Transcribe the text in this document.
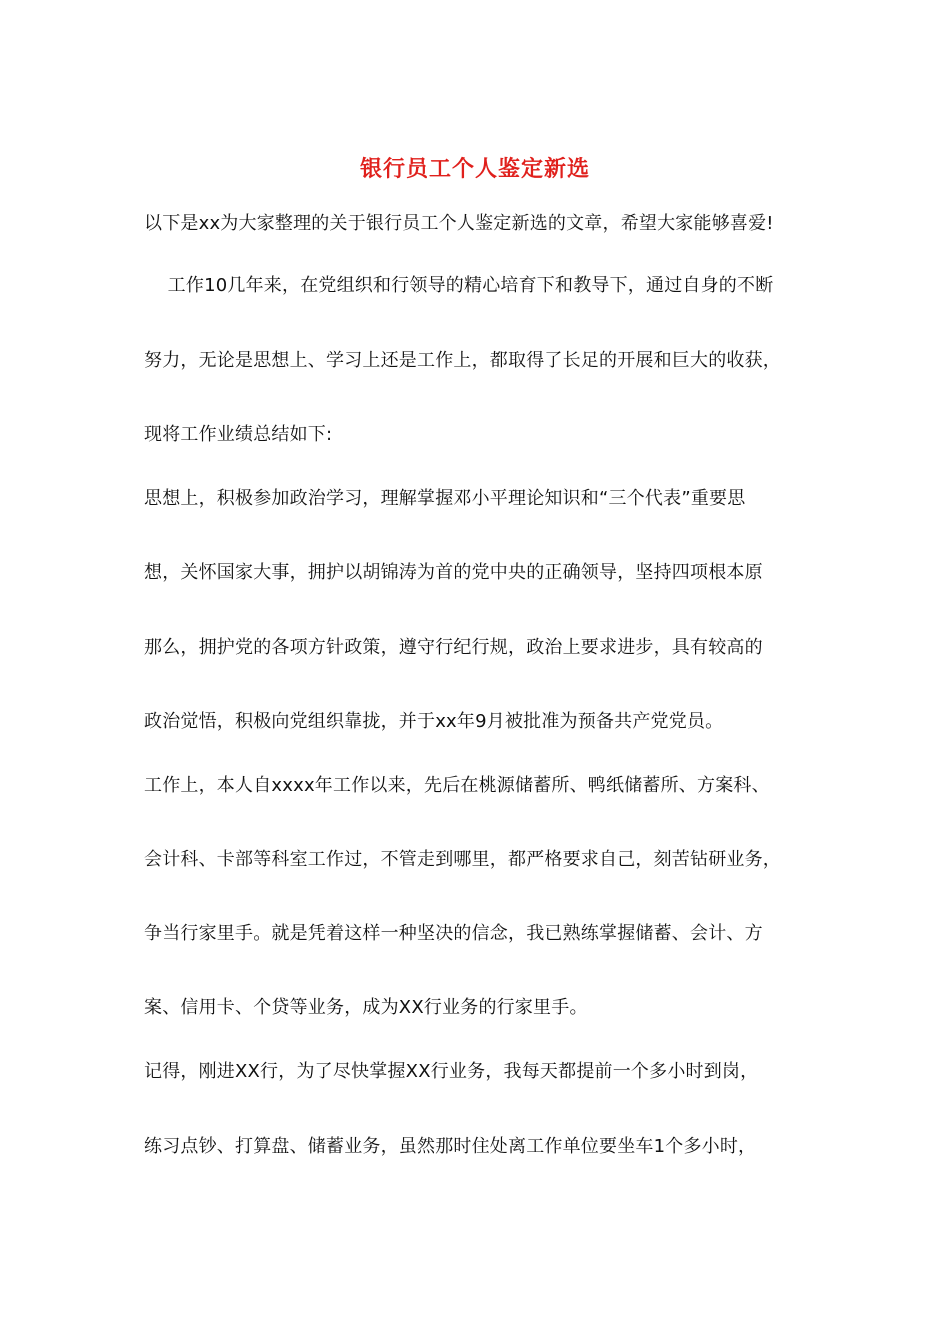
银行员工个人鉴定新选
以下是xx为大家整理的关于银行员工个人鉴定新选的文章，希望大家能够喜爱!
工作10几年来，在党组织和行领导的精心培育下和教导下，通过自身的不断
努力，无论是思想上、学习上还是工作上，都取得了长足的开展和巨大的收获，
现将工作业绩总结如下:
思想上，积极参加政治学习，理解掌握邓小平理论知识和“三个代表”重要思
想，关怀国家大事，拥护以胡锦涛为首的党中央的正确领导，坚持四项根本原
那么，拥护党的各项方针政策，遵守行纪行规，政治上要求进步，具有较高的
政治觉悟，积极向党组织靠拢，并于xx年9月被批准为预备共产党党员。
工作上，本人自xxxx年工作以来，先后在桃源储蓄所、鸭纸储蓄所、方案科、
会计科、卡部等科室工作过，不管走到哪里，都严格要求自己，刻苦钻研业务，
争当行家里手。就是凭着这样一种坚决的信念，我已熟练掌握储蓄、会计、方
案、信用卡、个贷等业务，成为XX行业务的行家里手。
记得，刚进XX行，为了尽快掌握XX行业务，我每天都提前一个多小时到岗，
练习点钞、打算盘、储蓄业务，虽然那时住处离工作单位要坐车1个多小时，
